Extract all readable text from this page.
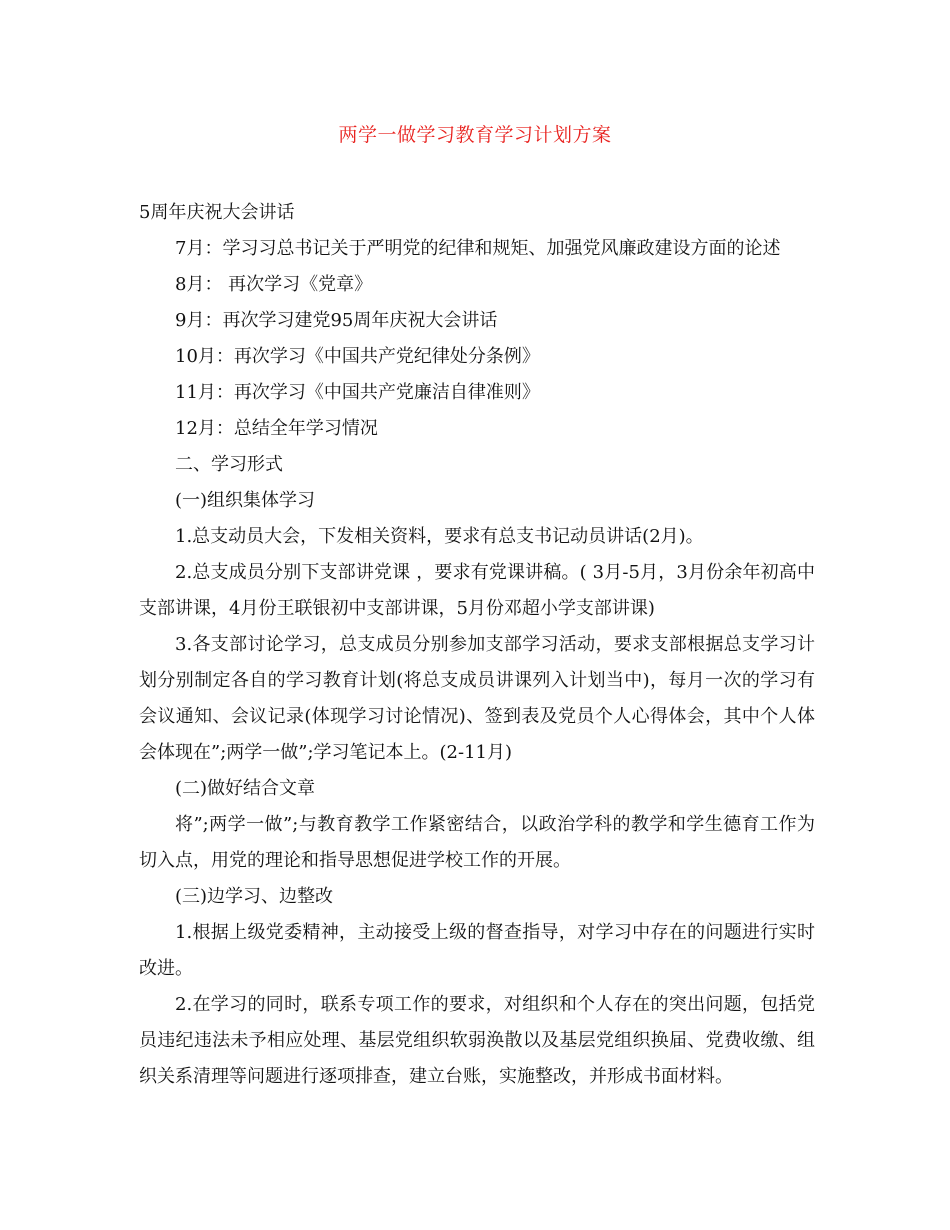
两学一做学习教育学习计划方案

5周年庆祝大会讲话

7月：学习习总书记关于严明党的纪律和规矩、加强党风廉政建设方面的论述

8月： 再次学习《党章》

9月：再次学习建党95周年庆祝大会讲话

10月：再次学习《中国共产党纪律处分条例》

11月：再次学习《中国共产党廉洁自律准则》

12月：总结全年学习情况

二、学习形式

(一)组织集体学习

1.总支动员大会，下发相关资料，要求有总支书记动员讲话(2月)。

2.总支成员分别下支部讲党课 ，要求有党课讲稿。( 3月-5月，3月份余年初高中支部讲课，4月份王联银初中支部讲课，5月份邓超小学支部讲课)

3.各支部讨论学习，总支成员分别参加支部学习活动，要求支部根据总支学习计划分别制定各自的学习教育计划(将总支成员讲课列入计划当中)，每月一次的学习有会议通知、会议记录(体现学习讨论情况)、签到表及党员个人心得体会，其中个人体会体现在”;两学一做”;学习笔记本上。(2-11月)

(二)做好结合文章

将”;两学一做”;与教育教学工作紧密结合，以政治学科的教学和学生德育工作为切入点，用党的理论和指导思想促进学校工作的开展。

(三)边学习、边整改

1.根据上级党委精神，主动接受上级的督查指导，对学习中存在的问题进行实时改进。

2.在学习的同时，联系专项工作的要求，对组织和个人存在的突出问题，包括党员违纪违法未予相应处理、基层党组织软弱涣散以及基层党组织换届、党费收缴、组织关系清理等问题进行逐项排查，建立台账，实施整改，并形成书面材料。
